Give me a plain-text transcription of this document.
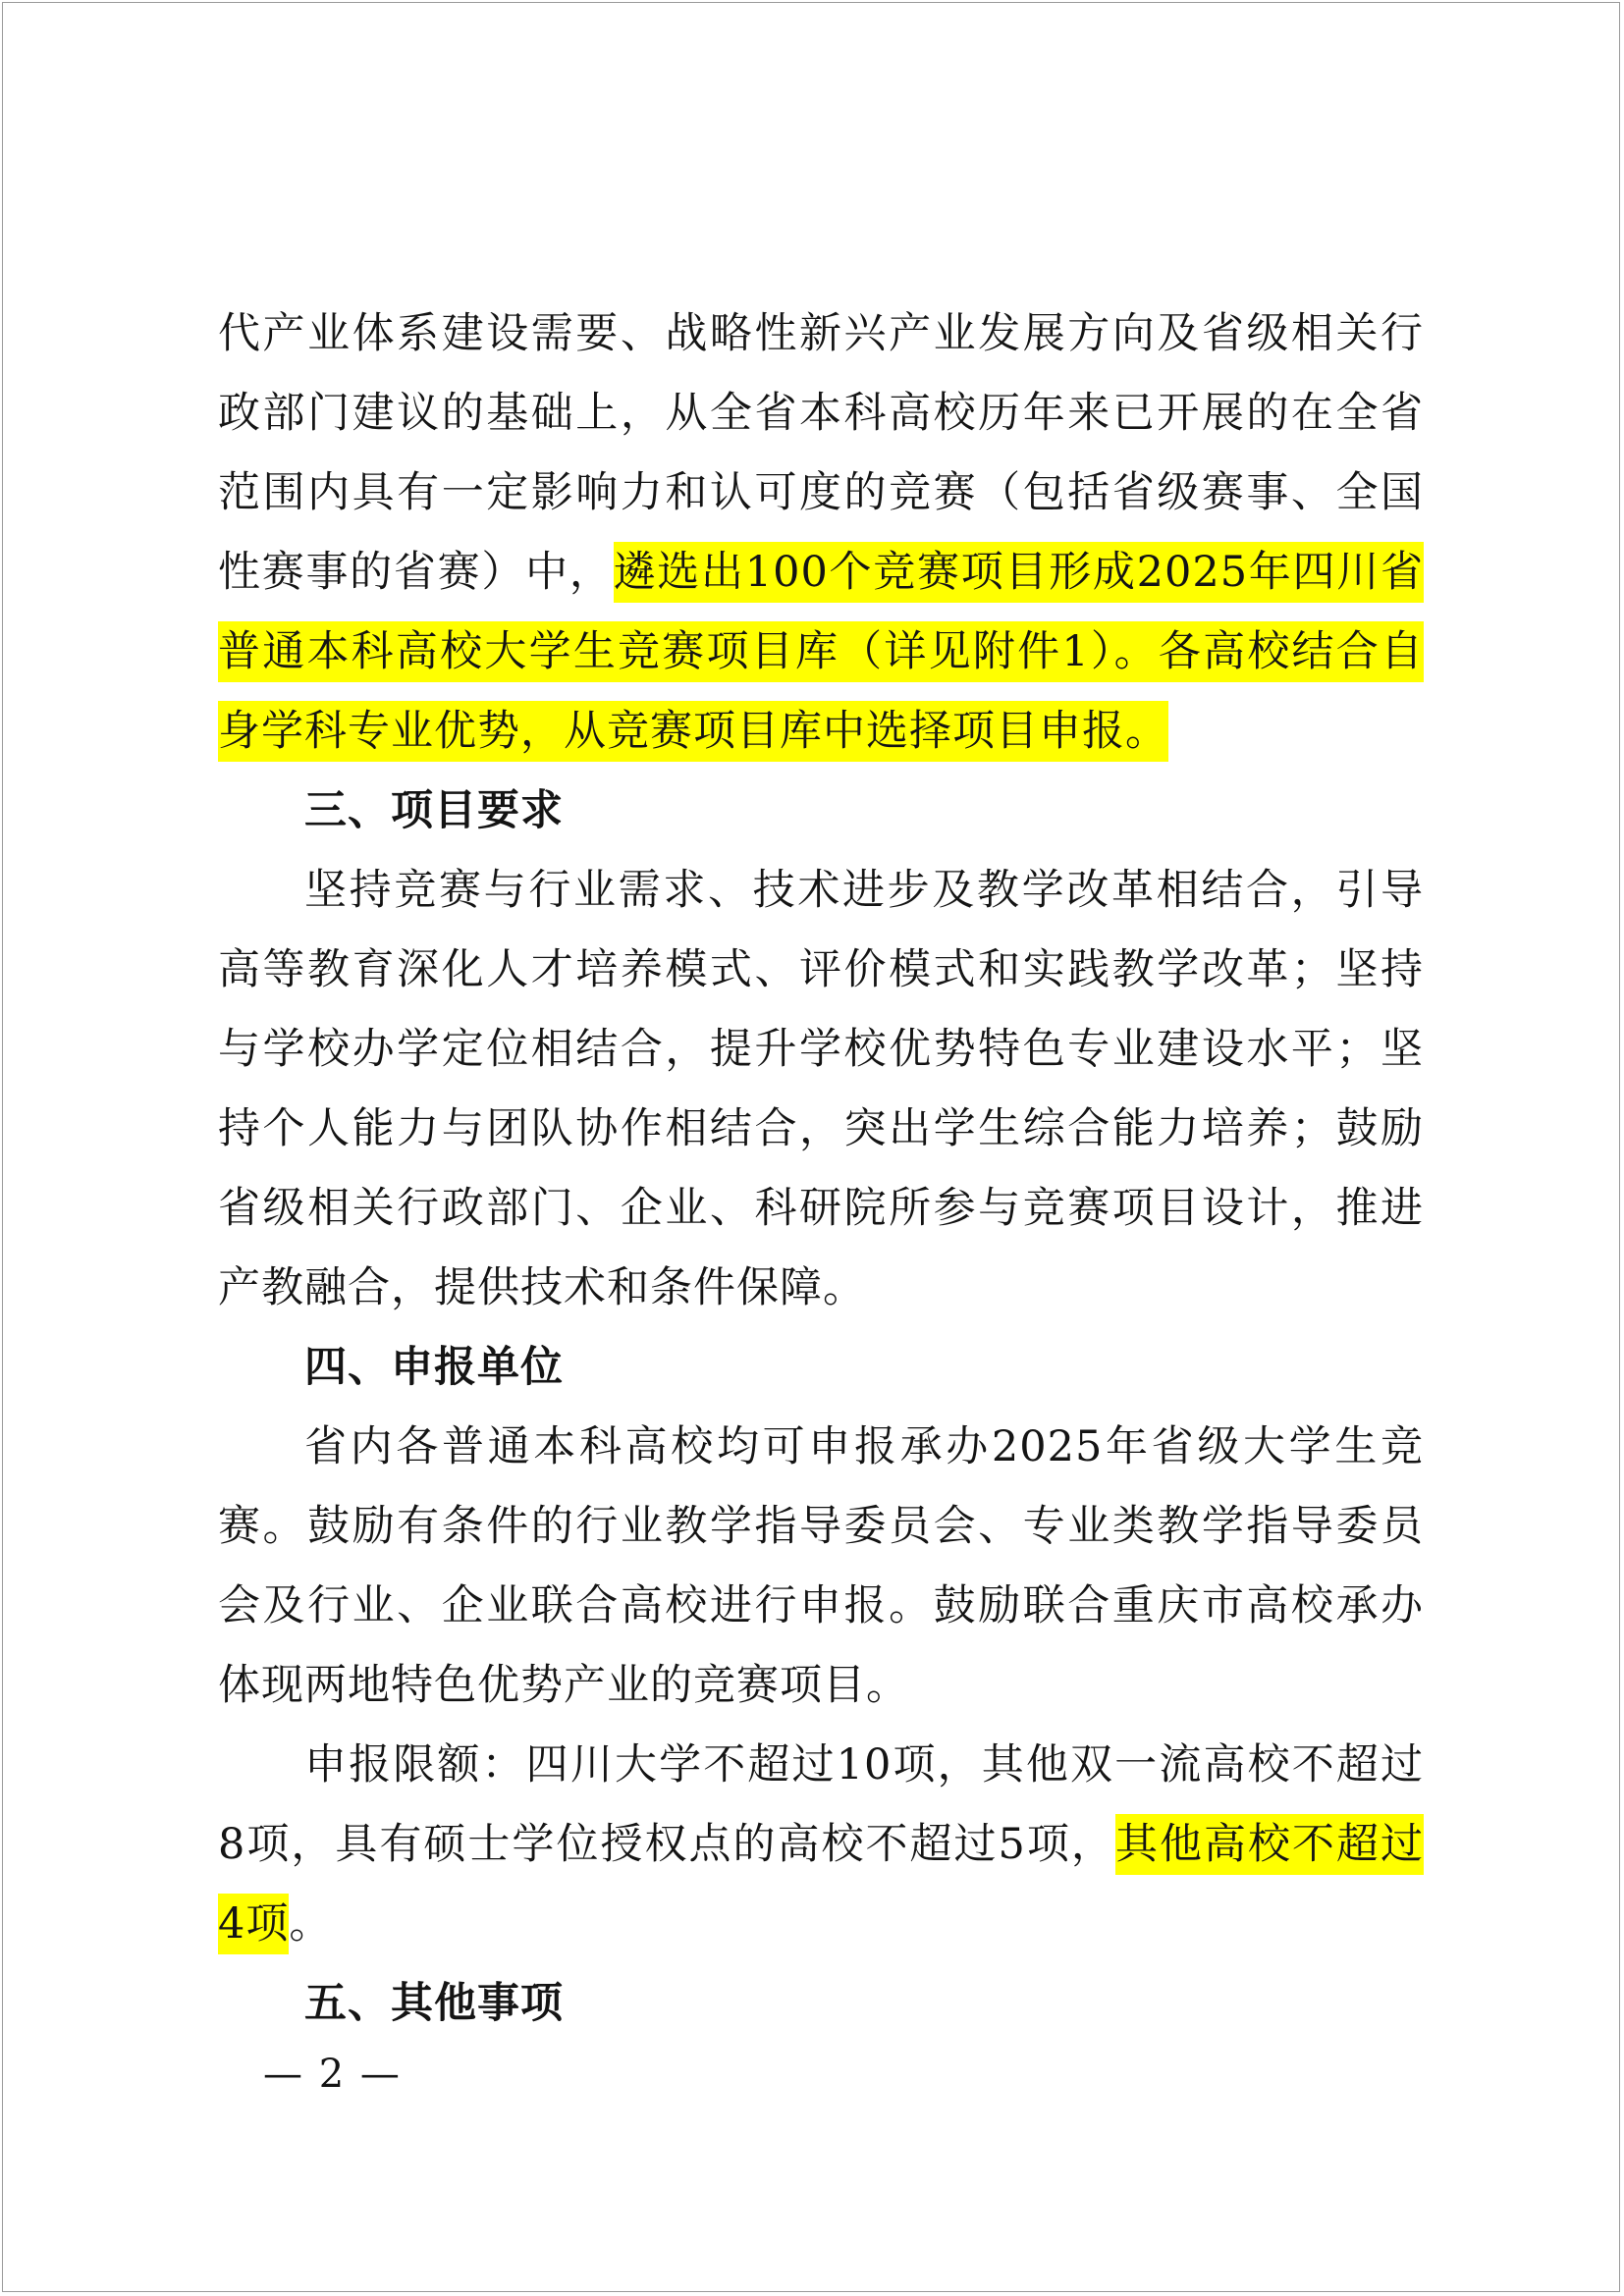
代产业体系建设需要、战略性新兴产业发展方向及省级相关行政部门建议的基础上，从全省本科高校历年来已开展的在全省范围内具有一定影响力和认可度的竞赛（包括省级赛事、全国性赛事的省赛）中，遴选出100个竞赛项目形成2025年四川省普通本科高校大学生竞赛项目库（详见附件1）。各高校结合自身学科专业优势，从竞赛项目库中选择项目申报。

三、项目要求

坚持竞赛与行业需求、技术进步及教学改革相结合，引导高等教育深化人才培养模式、评价模式和实践教学改革；坚持与学校办学定位相结合，提升学校优势特色专业建设水平；坚持个人能力与团队协作相结合，突出学生综合能力培养；鼓励省级相关行政部门、企业、科研院所参与竞赛项目设计，推进产教融合，提供技术和条件保障。

四、申报单位

省内各普通本科高校均可申报承办2025年省级大学生竞赛。鼓励有条件的行业教学指导委员会、专业类教学指导委员会及行业、企业联合高校进行申报。鼓励联合重庆市高校承办体现两地特色优势产业的竞赛项目。

申报限额：四川大学不超过10项，其他双一流高校不超过8项，具有硕士学位授权点的高校不超过5项，其他高校不超过4项。

五、其他事项

— 2 —
